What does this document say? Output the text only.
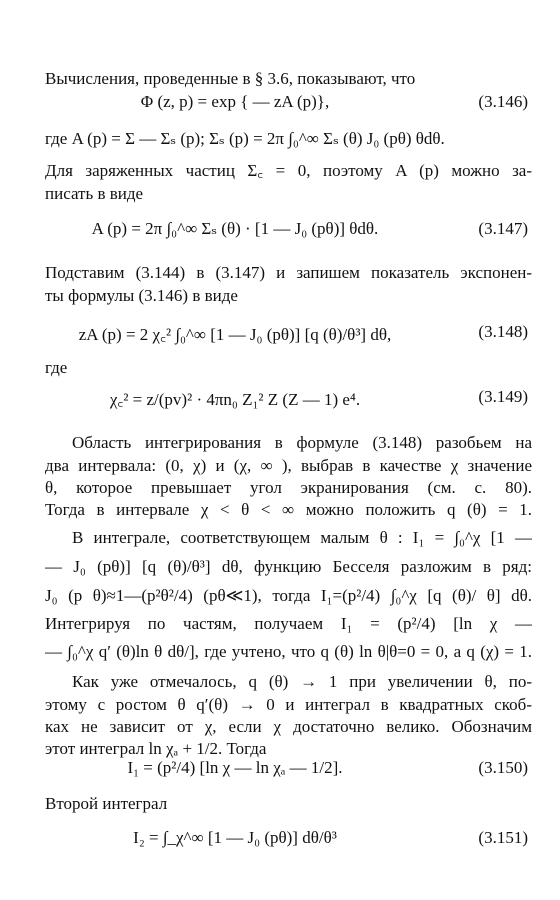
Вычисления, проведенные в § 3.6, показывают, что
Φ (z, p) = exp { — zA (p)},	(3.146)
где A (p) = Σ — Σₛ (p); Σₛ (p) = 2π ∫₀^∞ Σₛ (θ) J₀ (pθ) θdθ.
Для заряженных частиц Σ꜀ = 0, поэтому A (p) можно за-
писать в виде
A (p) = 2π ∫₀^∞ Σₛ (θ) · [1 — J₀ (pθ)] θdθ.	(3.147)
Подставим (3.144) в (3.147) и запишем показатель экспонен-
ты формулы (3.146) в виде
zA (p) = 2 χ꜀² ∫₀^∞ [1 — J₀ (pθ)] [q (θ)/θ³] dθ,	(3.148)
где
χ꜀² = z/(pv)² · 4πn₀ Z₁² Z (Z — 1) e⁴.	(3.149)
Область интегрирования в формуле (3.148) разобьем на
два интервала: (0, χ) и (χ, ∞ ), выбрав в качестве χ значение
θ, которое превышает угол экранирования (см. с. 80).
Тогда в интервале χ < θ < ∞ можно положить q (θ) = 1.
В интеграле, соответствующем малым θ : I₁ = ∫₀^χ [1 —
— J₀ (pθ)] [q (θ)/θ³] dθ, функцию Бесселя разложим в ряд:
J₀ (p θ)≈1—(p²θ²/4) (pθ≪1), тогда I₁=(p²/4) ∫₀^χ [q (θ)/ θ] dθ.
Интегрируя по частям, получаем I₁ = (p²/4) [ln χ —
— ∫₀^χ q′ (θ)ln θ dθ/], где учтено, что q (θ) ln θ|θ=0 = 0, а q (χ) = 1.
Как уже отмечалось, q (θ) → 1 при увеличении θ, по-
этому с ростом θ q′(θ) → 0 и интеграл в квадратных скоб-
ках не зависит от χ, если χ достаточно велико. Обозначим
этот интеграл ln χₐ + 1/2. Тогда
I₁ = (p²/4) [ln χ — ln χₐ — 1/2].	(3.150)
Второй интеграл
I₂ = ∫_χ^∞ [1 — J₀ (pθ)] dθ/θ³	(3.151)
